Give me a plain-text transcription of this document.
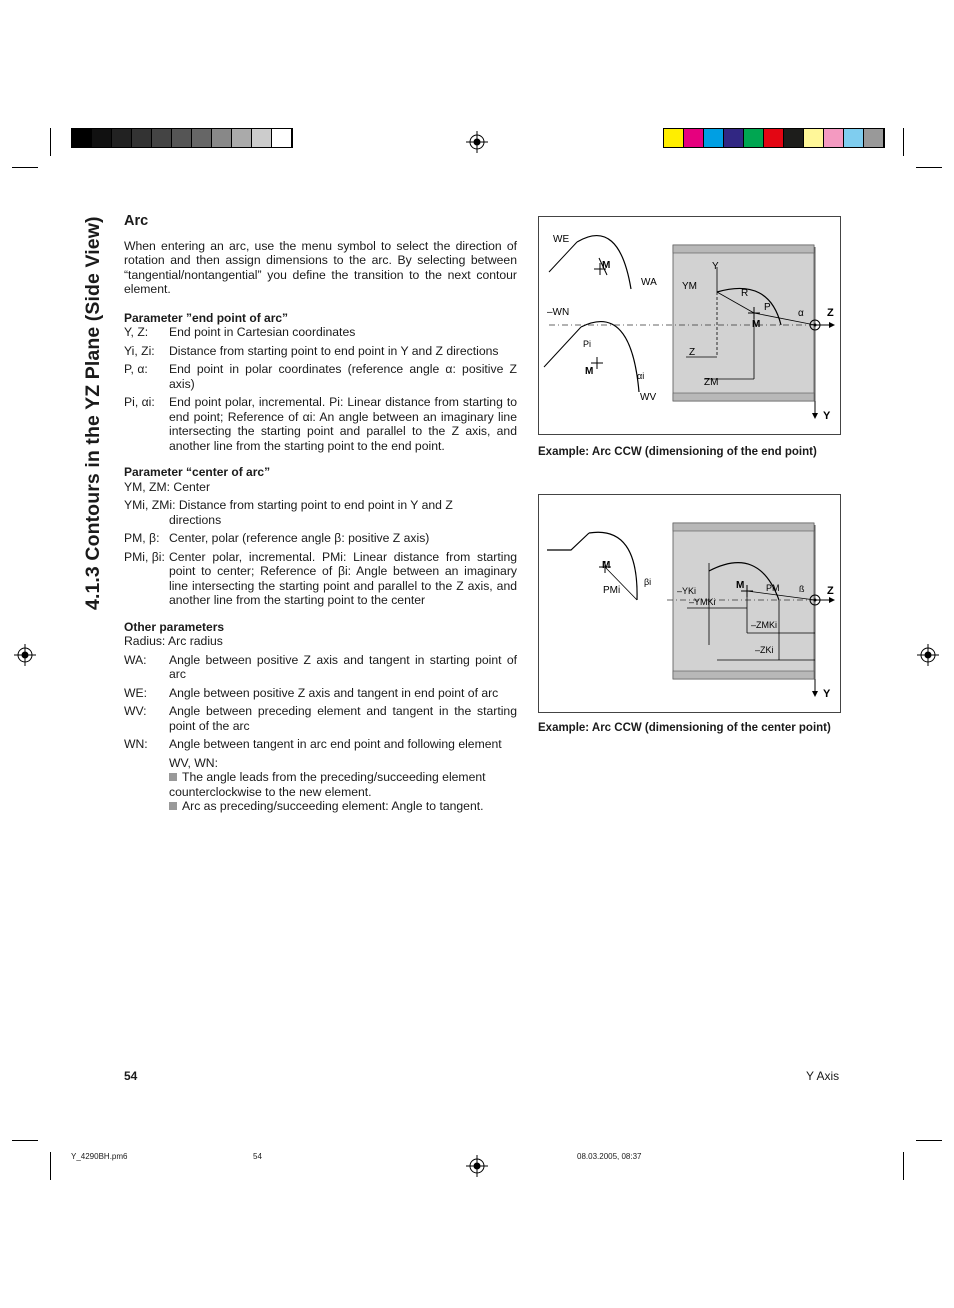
4.1.3 Contours in the YZ Plane (Side View) Arc
When entering an arc, use the menu symbol to select the direction of rotation and then assign dimensions to the arc. By selecting between “tangential/nontangential” you define the transition to the next contour element.
Parameter ”end point of arc”
Y, Z:	End point in Cartesian coordinates
Yi, Zi:	Distance from starting point to end point in Y and Z directions
P, α:	End point in polar coordinates (reference angle α: positive Z axis)
Pi, αi:	End point polar, incremental. Pi: Linear distance from starting to end point; Reference of αi: An angle between an imaginary line intersecting the starting point and parallel to the Z axis, and another line from the starting point to the end point.
Parameter “center of arc”
YM, ZM: Center
YMi, ZMi: Distance from starting point to end point in Y and Z
directions
PM, β: Center, polar (reference angle β: positive Z axis)
PMi, βi: Center polar, incremental. PMi: Linear distance from starting point to center; Reference of βi: Angle between an imaginary line intersecting the starting point and parallel to the Z axis, and another line from the starting point to the center
Other parameters
Radius: Arc radius
WA:	Angle between positive Z axis and tangent in starting point of arc
WE:	Angle between positive Z axis and tangent in end point of arc
WV:	Angle between preceding element and tangent in the starting point of the arc
WN:	Angle between tangent in arc end point and following element
WV, WN:
The angle leads from the preceding/succeeding element counterclockwise to the new element.
Arc as preceding/succeeding element: Angle to tangent.
WE
M
WA
–WN
Pi
M	αi
WV
Y
YM
R
P
α
M
Z
Z
ZM
Y
Example: Arc CCW (dimensioning of the end point)
M
PMi
βi
–YKi	M PM ß Z
–YMKi
–ZMKi
–ZKi
Y
Example: Arc CCW (dimensioning of the center point)
54	Y Axis
Y_4290BH.pm6	54	08.03.2005, 08:37
